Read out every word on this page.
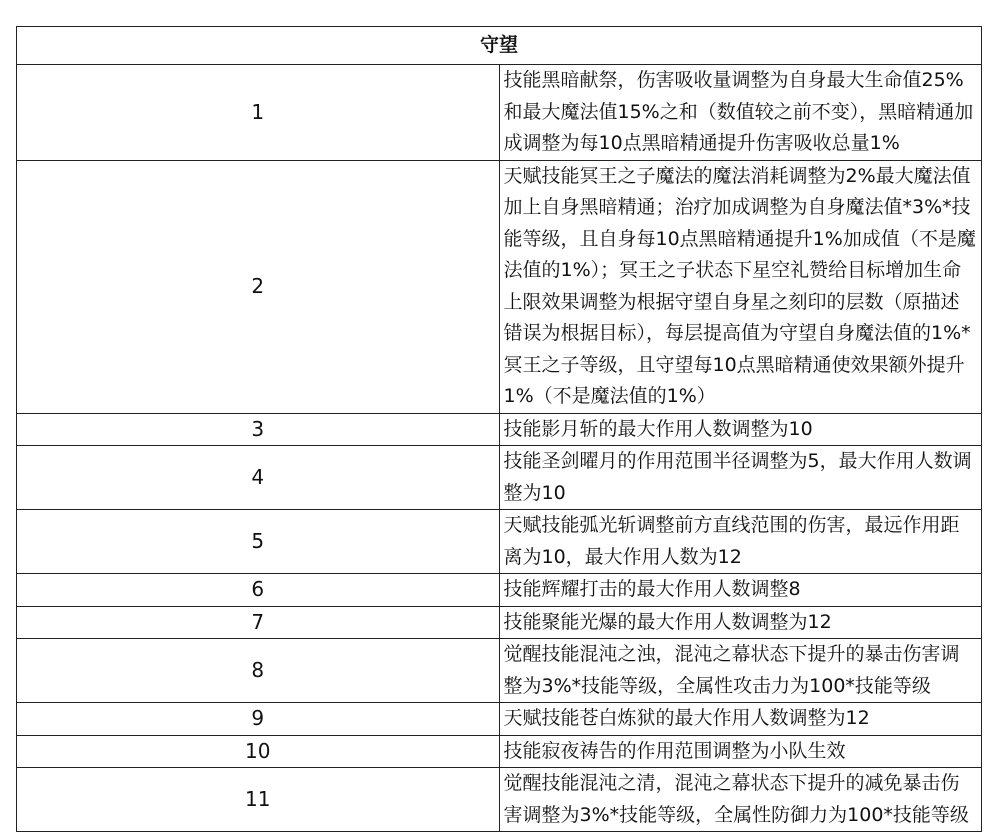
守望	
1	技能黑暗献祭，伤害吸收量调整为自身最大生命值25%和最大魔法值15%之和（数值较之前不变），黑暗精通加成调整为每10点黑暗精通提升伤害吸收总量1%
2	天赋技能冥王之子魔法的魔法消耗调整为2%最大魔法值加上自身黑暗精通；治疗加成调整为自身魔法值*3%*技能等级，且自身每10点黑暗精通提升1%加成值（不是魔法值的1%）；冥王之子状态下星空礼赞给目标增加生命上限效果调整为根据守望自身星之刻印的层数（原描述错误为根据目标），每层提高值为守望自身魔法值的1%*冥王之子等级，且守望每10点黑暗精通使效果额外提升1%（不是魔法值的1%）
3	技能影月斩的最大作用人数调整为10
4	技能圣剑曜月的作用范围半径调整为5，最大作用人数调整为10
5	天赋技能弧光斩调整前方直线范围的伤害，最远作用距离为10，最大作用人数为12
6	技能辉耀打击的最大作用人数调整8
7	技能聚能光爆的最大作用人数调整为12
8	觉醒技能混沌之浊，混沌之幕状态下提升的暴击伤害调整为3%*技能等级，全属性攻击力为100*技能等级
9	天赋技能苍白炼狱的最大作用人数调整为12
10	技能寂夜祷告的作用范围调整为小队生效
11	觉醒技能混沌之清，混沌之幕状态下提升的减免暴击伤害调整为3%*技能等级，全属性防御力为100*技能等级
